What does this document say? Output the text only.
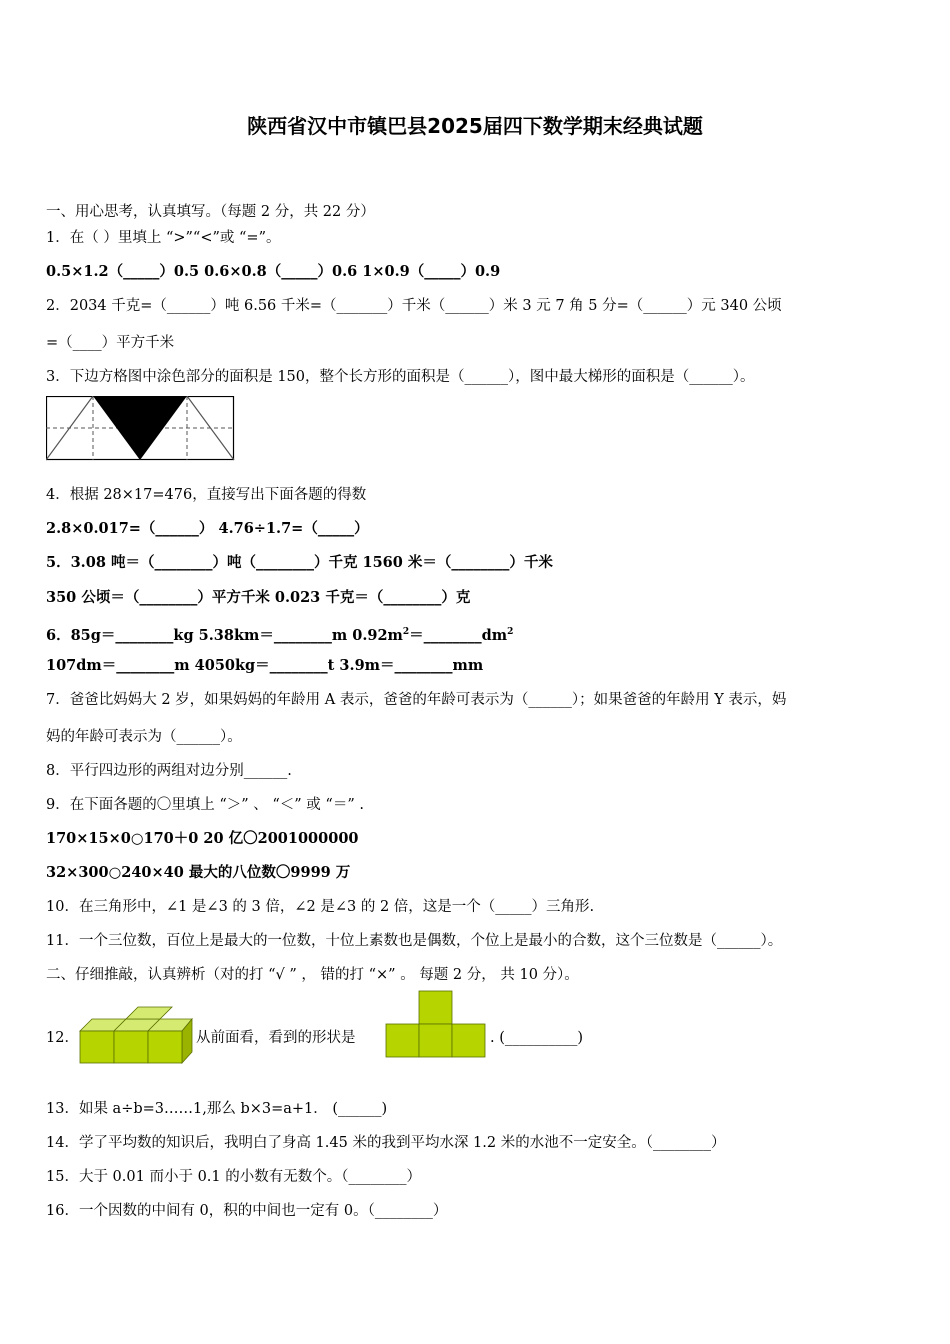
陕西省汉中市镇巴县2025届四下数学期末经典试题
一、用心思考，认真填写。（每题 2 分，共 22 分）
1．在（ ）里填上 “>”“<”或 “=”。
0.5×1.2（_____）0.5 0.6×0.8（_____）0.6 1×0.9（_____）0.9
2．2034 千克=（______）吨 6.56 千米=（_______）千米（______）米 3 元 7 角 5 分=（______）元 340 公顷
=（____）平方千米
3．下边方格图中涂色部分的面积是 150，整个长方形的面积是（______），图中最大梯形的面积是（______）。
4．根据 28×17=476，直接写出下面各题的得数
2.8×0.017=（______） 4.76÷1.7=（_____）
5．3.08 吨＝（________）吨（________）千克 1560 米＝（________）千米
350 公顷＝（________）平方千米 0.023 千克＝（________）克
6．85g＝________kg 5.38km＝________m $0.92m^2=\_\_\_\_\_\_\_\_dm^2$
107dm＝________m 4050kg＝________t 3.9m＝________mm
7．爸爸比妈妈大 2 岁，如果妈妈的年龄用 A 表示，爸爸的年龄可表示为（______）；如果爸爸的年龄用 Y 表示，妈
妈的年龄可表示为（______）。
8．平行四边形的两组对边分别______.
9．在下面各题的〇里填上 “＞” 、 “＜” 或 “＝” .
170×15×0○170＋0 20 亿〇2001000000
32×300○240×40 最大的八位数〇9999 万
10．在三角形中，∠1 是∠3 的 3 倍，∠2 是∠3 的 2 倍，这是一个（_____）三角形.
11．一个三位数，百位上是最大的一位数，十位上素数也是偶数，个位上是最小的合数，这个三位数是（______）。
二、仔细推敲，认真辨析（对的打 “√ ” ， 错的打 “×” 。 每题 2 分， 共 10 分）。
12．	从前面看，看到的形状是	. (__________)
13．如果 a÷b=3……1,那么 b×3=a+1． (______)
14．学了平均数的知识后，我明白了身高 1.45 米的我到平均水深 1.2 米的水池不一定安全。（________）
15．大于 0.01 而小于 0.1 的小数有无数个。（________）
16．一个因数的中间有 0，积的中间也一定有 0。（________）
